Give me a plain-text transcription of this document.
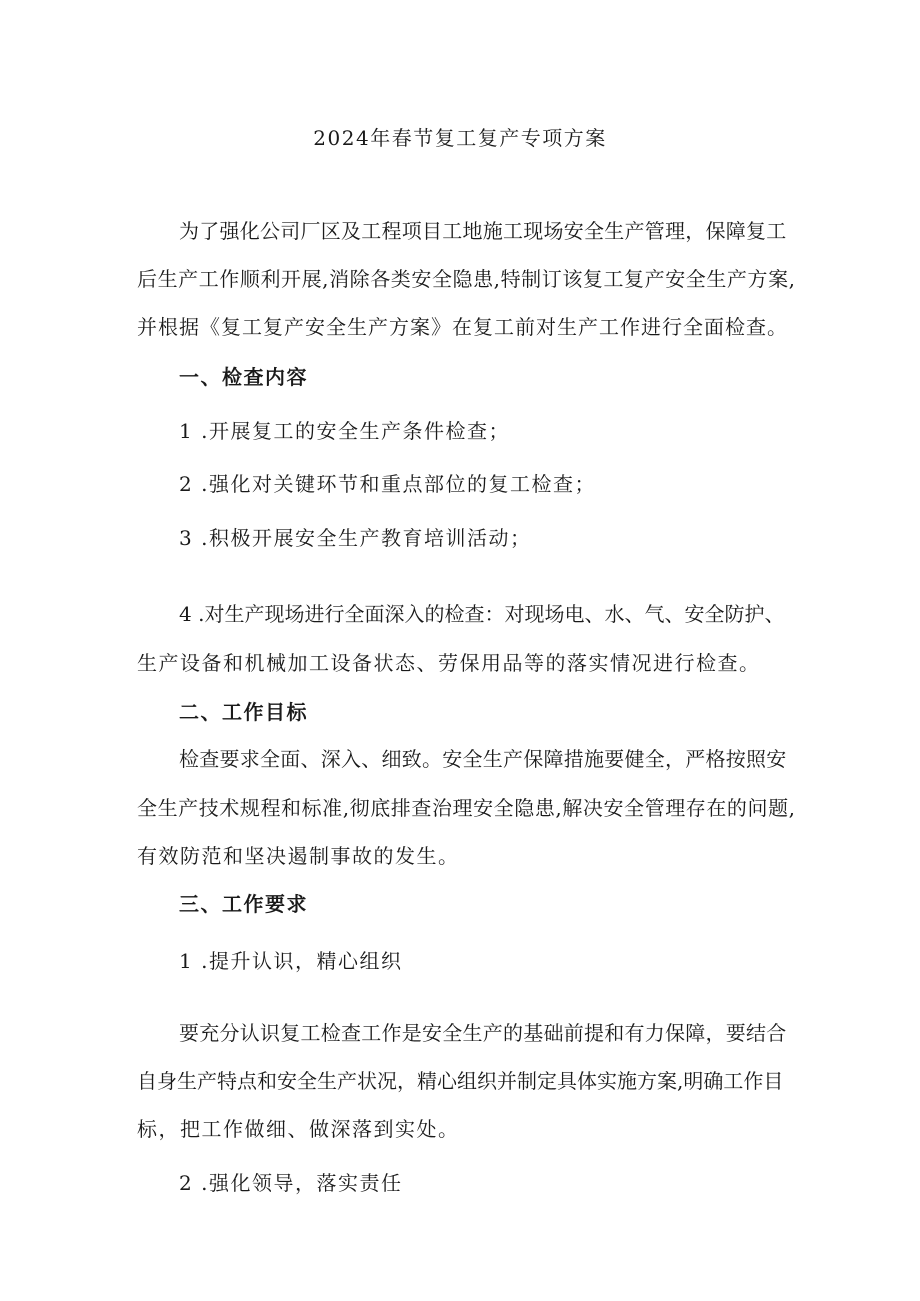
2024年春节复工复产专项方案
为了强化公司厂区及工程项目工地施工现场安全生产管理，保障复工
后生产工作顺利开展,消除各类安全隐患,特制订该复工复产安全生产方案,
并根据《复工复产安全生产方案》在复工前对生产工作进行全面检查。
一、检查内容
1 .开展复工的安全生产条件检查；
2 .强化对关键环节和重点部位的复工检查；
3 .积极开展安全生产教育培训活动；
4 .对生产现场进行全面深入的检查：对现场电、水、气、安全防护、
生产设备和机械加工设备状态、劳保用品等的落实情况进行检查。
二、工作目标
检查要求全面、深入、细致。安全生产保障措施要健全，严格按照安
全生产技术规程和标准,彻底排查治理安全隐患,解决安全管理存在的问题,
有效防范和坚决遏制事故的发生。
三、工作要求
1 .提升认识，精心组织
要充分认识复工检查工作是安全生产的基础前提和有力保障，要结合
自身生产特点和安全生产状况，精心组织并制定具体实施方案,明确工作目
标，把工作做细、做深落到实处。
2 .强化领导，落实责任
